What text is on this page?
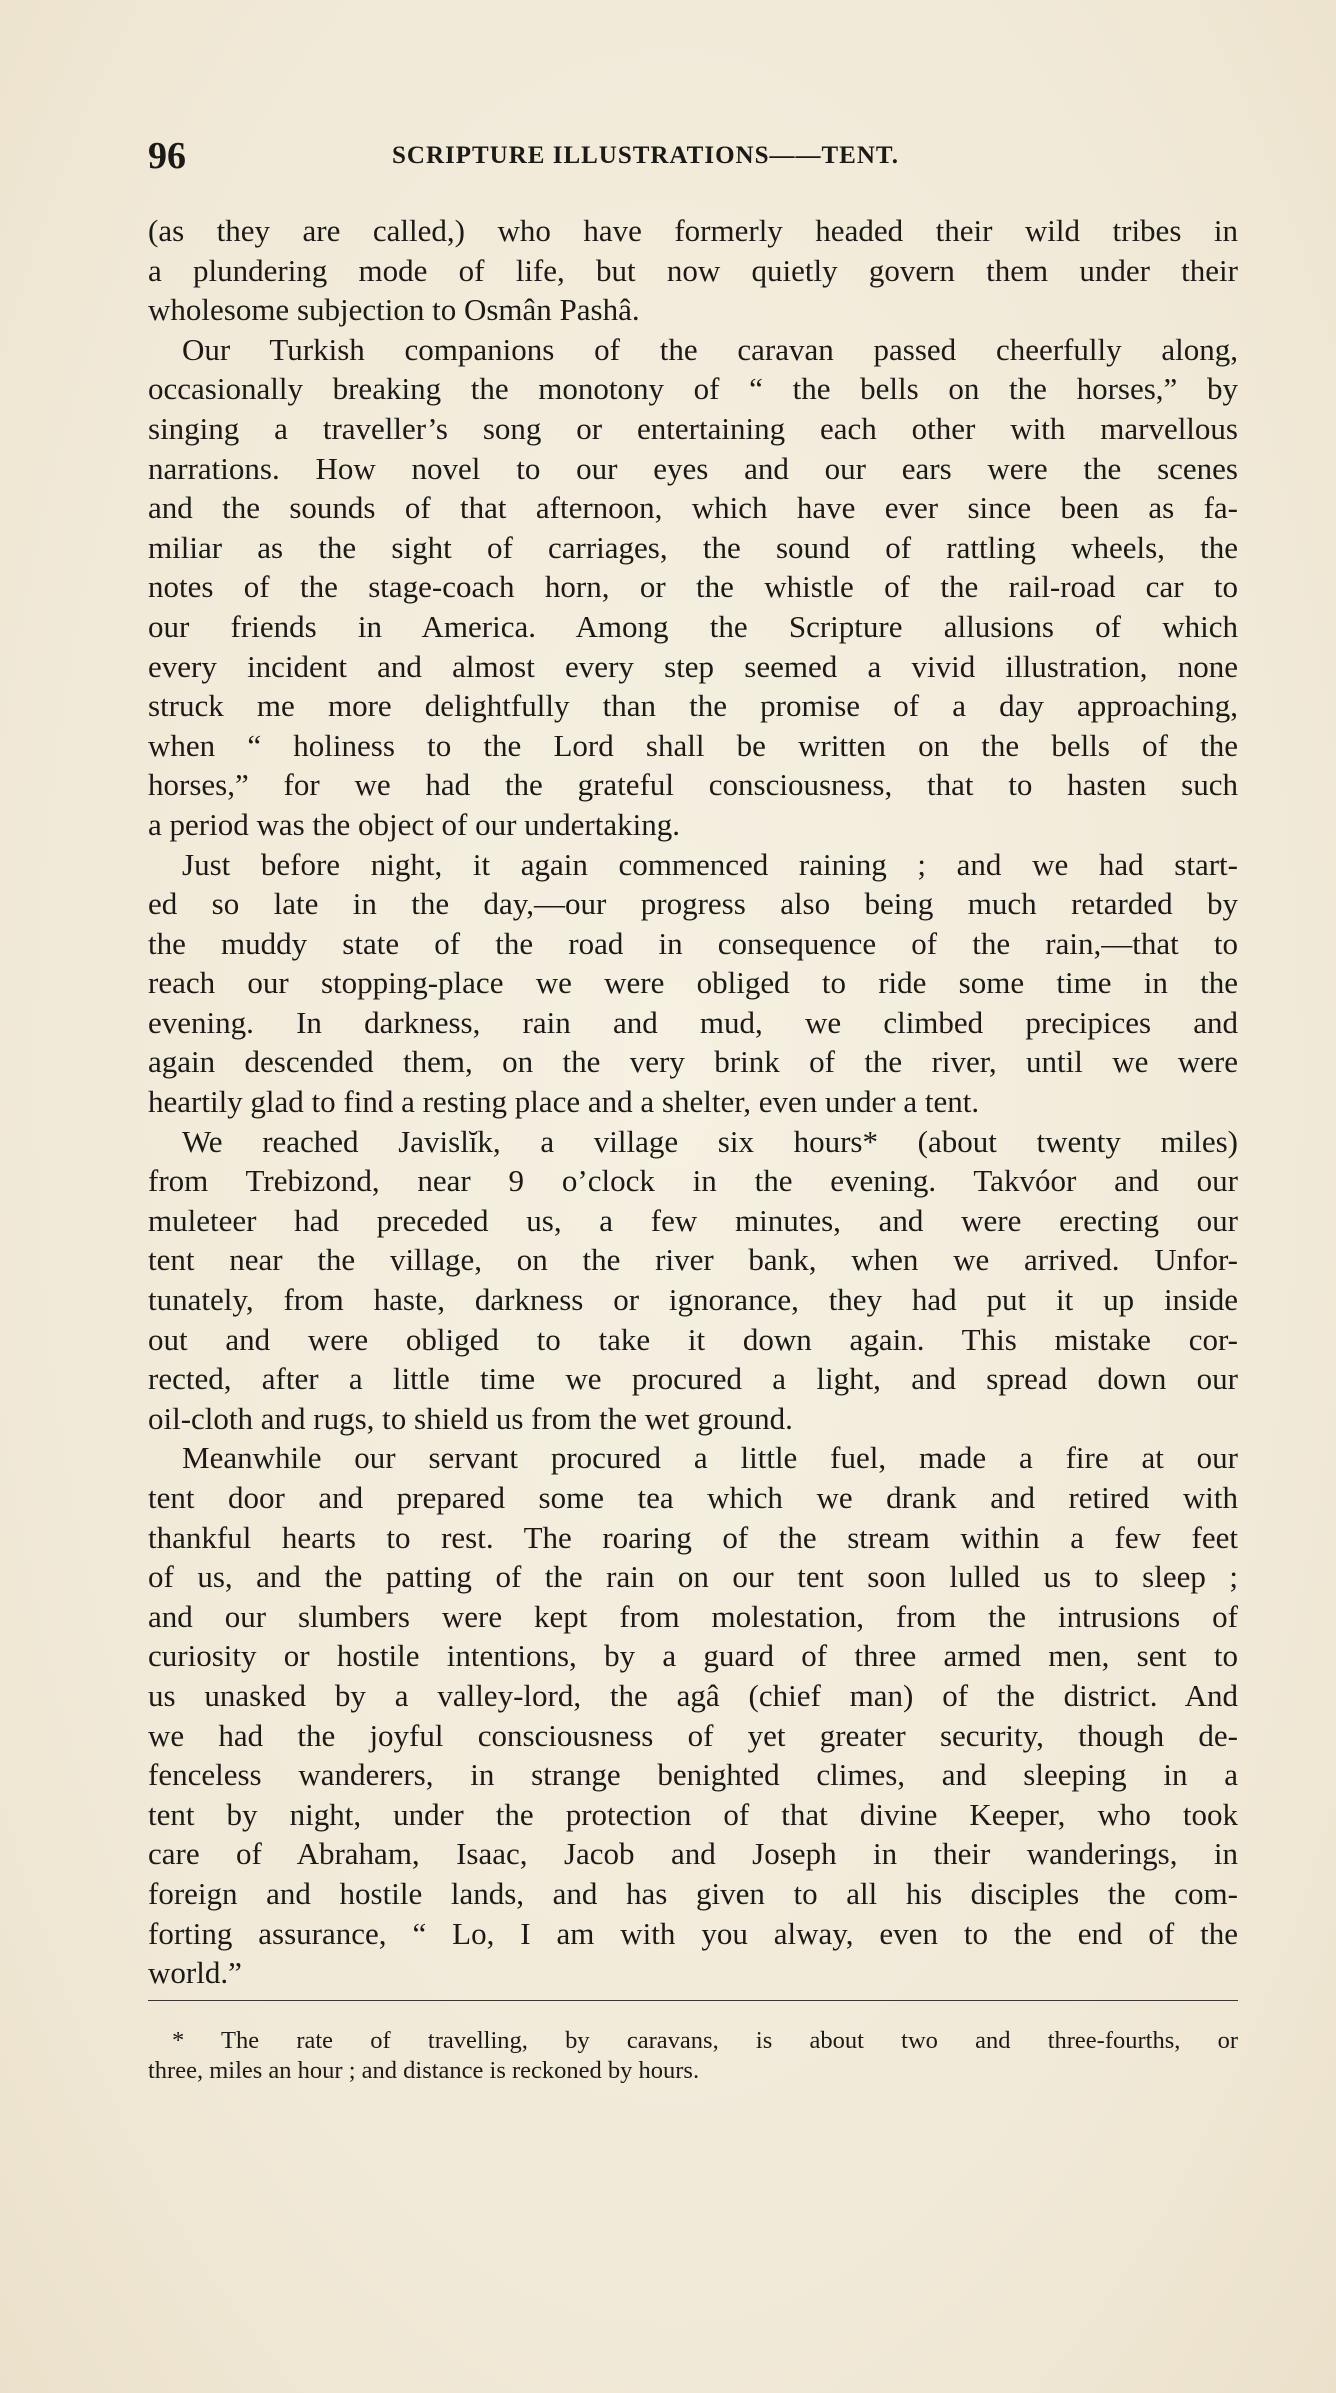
96	SCRIPTURE ILLUSTRATIONS——TENT.
(as they are called,) who have formerly headed their wild tribes in
a plundering mode of life, but now quietly govern them under their
wholesome subjection to Osmân Pashâ.
Our Turkish companions of the caravan passed cheerfully along,
occasionally breaking the monotony of “ the bells on the horses,” by
singing a traveller’s song or entertaining each other with marvellous
narrations. How novel to our eyes and our ears were the scenes
and the sounds of that afternoon, which have ever since been as fa-
miliar as the sight of carriages, the sound of rattling wheels, the
notes of the stage-coach horn, or the whistle of the rail-road car to
our friends in America. Among the Scripture allusions of which
every incident and almost every step seemed a vivid illustration, none
struck me more delightfully than the promise of a day approaching,
when “ holiness to the Lord shall be written on the bells of the
horses,” for we had the grateful consciousness, that to hasten such
a period was the object of our undertaking.
Just before night, it again commenced raining ; and we had start-
ed so late in the day,—our progress also being much retarded by
the muddy state of the road in consequence of the rain,—that to
reach our stopping-place we were obliged to ride some time in the
evening. In darkness, rain and mud, we climbed precipices and
again descended them, on the very brink of the river, until we were
heartily glad to find a resting place and a shelter, even under a tent.
We reached Javislĭk, a village six hours* (about twenty miles)
from Trebizond, near 9 o’clock in the evening. Takvóor and our
muleteer had preceded us, a few minutes, and were erecting our
tent near the village, on the river bank, when we arrived. Unfor-
tunately, from haste, darkness or ignorance, they had put it up inside
out and were obliged to take it down again. This mistake cor-
rected, after a little time we procured a light, and spread down our
oil-cloth and rugs, to shield us from the wet ground.
Meanwhile our servant procured a little fuel, made a fire at our
tent door and prepared some tea which we drank and retired with
thankful hearts to rest. The roaring of the stream within a few feet
of us, and the patting of the rain on our tent soon lulled us to sleep ;
and our slumbers were kept from molestation, from the intrusions of
curiosity or hostile intentions, by a guard of three armed men, sent to
us unasked by a valley-lord, the agâ (chief man) of the district. And
we had the joyful consciousness of yet greater security, though de-
fenceless wanderers, in strange benighted climes, and sleeping in a
tent by night, under the protection of that divine Keeper, who took
care of Abraham, Isaac, Jacob and Joseph in their wanderings, in
foreign and hostile lands, and has given to all his disciples the com-
forting assurance, “ Lo, I am with you alway, even to the end of the
world.”
* The rate of travelling, by caravans, is about two and three-fourths, or
three, miles an hour ; and distance is reckoned by hours.
